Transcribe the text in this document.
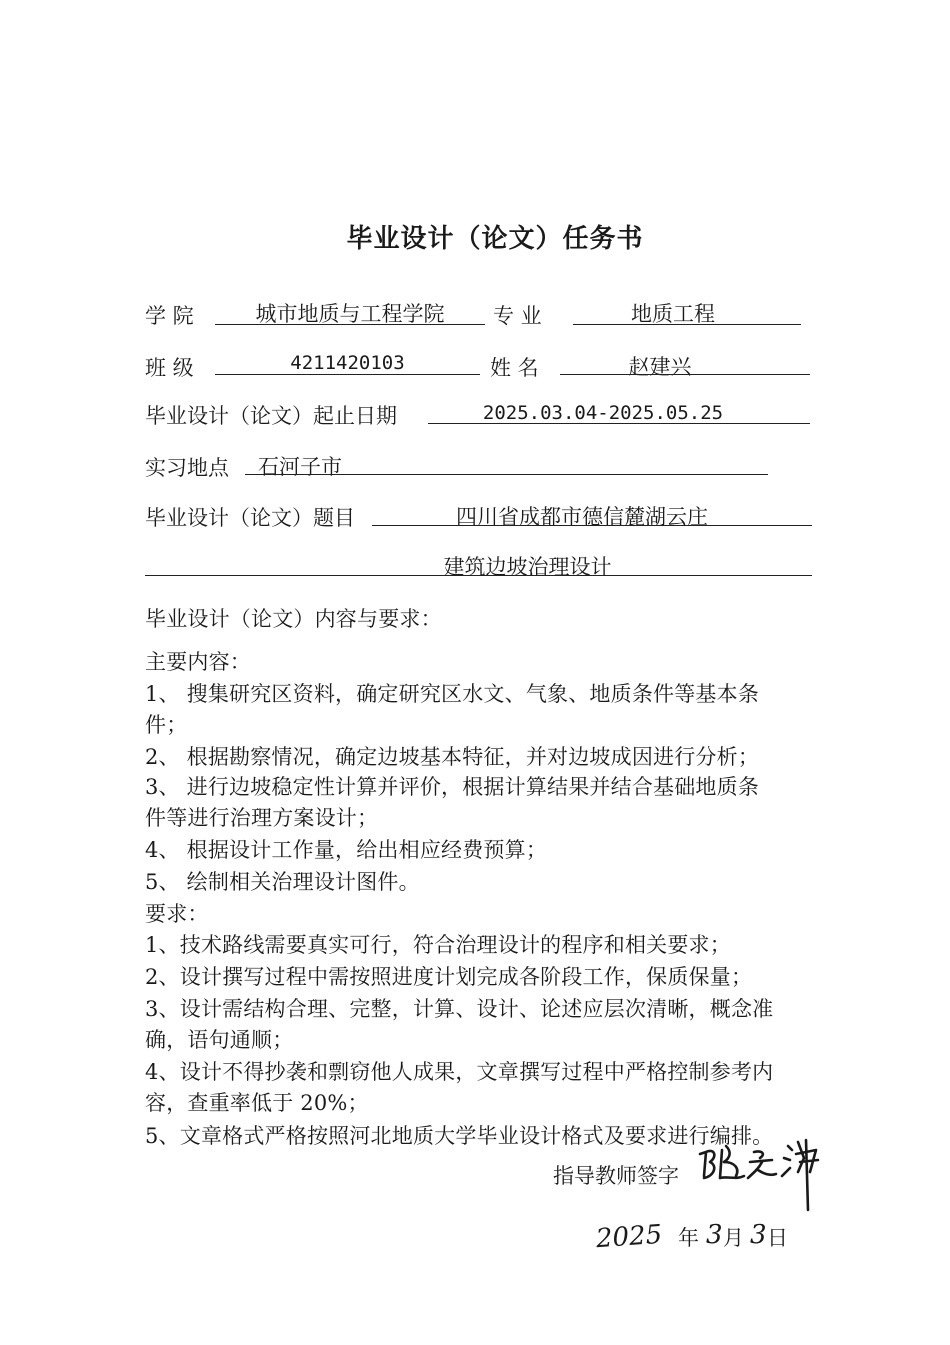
毕业设计（论文）任务书
学 院	城市地质与工程学院	专 业	地质工程
班 级	4211420103	姓 名	赵建兴
毕业设计（论文）起止日期	2025.03.04-2025.05.25
实习地点 石河子市
毕业设计（论文）题目	四川省成都市德信麓湖云庄
建筑边坡治理设计
毕业设计（论文）内容与要求：
主要内容：
1、 搜集研究区资料，确定研究区水文、气象、地质条件等基本条
件；
2、 根据勘察情况，确定边坡基本特征，并对边坡成因进行分析；
3、 进行边坡稳定性计算并评价，根据计算结果并结合基础地质条
件等进行治理方案设计；
4、 根据设计工作量，给出相应经费预算；
5、 绘制相关治理设计图件。
要求：
1、技术路线需要真实可行，符合治理设计的程序和相关要求；
2、设计撰写过程中需按照进度计划完成各阶段工作，保质保量；
3、设计需结构合理、完整，计算、设计、论述应层次清晰，概念准
确，语句通顺；
4、设计不得抄袭和剽窃他人成果，文章撰写过程中严格控制参考内
容，查重率低于 20%；
5、文章格式严格按照河北地质大学毕业设计格式及要求进行编排。
指导教师签字
2025 年 3 月 3 日
